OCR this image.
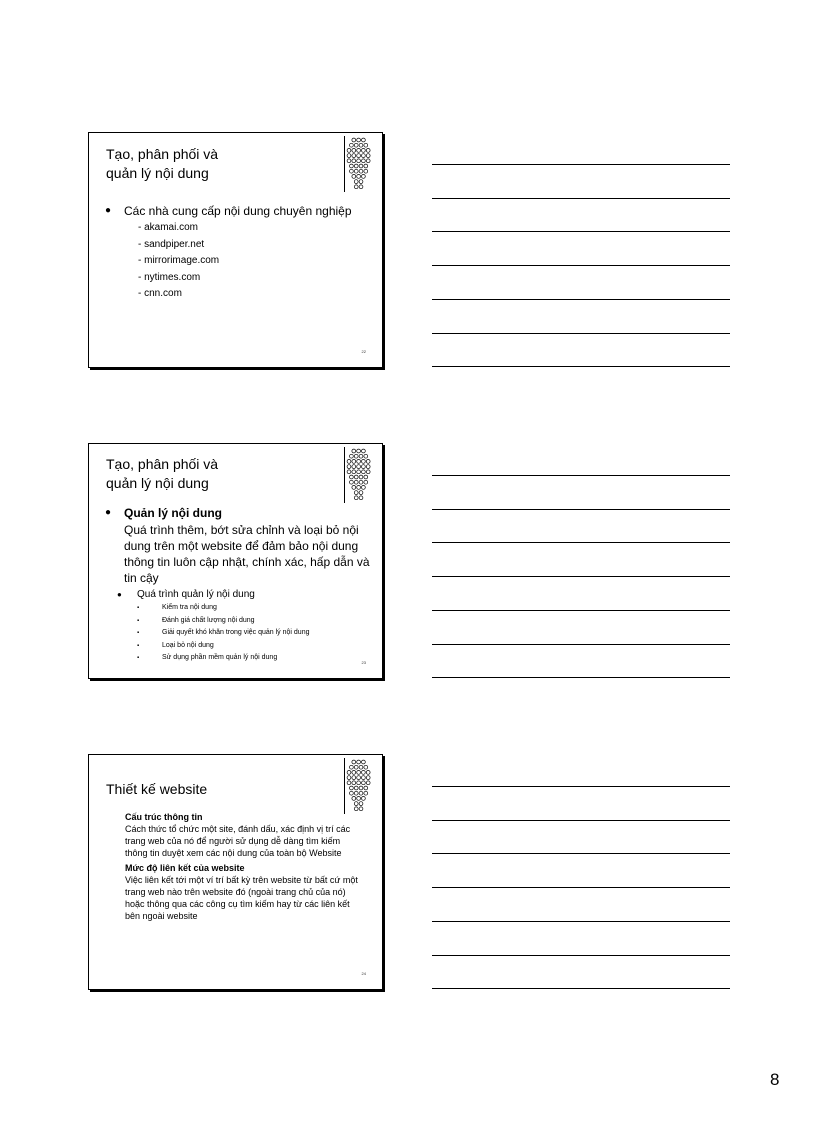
Tạo, phân phối và
quản lý nội dung
●	Các nhà cung cấp nội dung chuyên nghiệp
- akamai.com
- sandpiper.net
- mirrorimage.com
- nytimes.com
- cnn.com
22
Tạo, phân phối và
quản lý nội dung
●	Quản lý nội dung
Quá trình thêm, bớt sửa chỉnh và loại bỏ nội dung trên một website để đảm bảo nội dung thông tin luôn cập nhật, chính xác, hấp dẫn và tin cậy
●	Quá trình quản lý nội dung
▪	Kiểm tra nội dung
▪	Đánh giá chất lượng nội dung
▪	Giải quyết khó khăn trong việc quản lý nội dung
▪	Loại bỏ nội dung
▪	Sử dụng phần mềm quản lý nội dung
23
Thiết kế website
Cấu trúc thông tin
Cách thức tổ chức một site, đánh dấu, xác định vị trí các trang web của nó để người sử dụng dễ dàng tìm kiếm thông tin duyệt xem các nội dung của toàn bộ Website
Mức độ liên kết của website
Việc liên kết tới một ví trí bất kỳ trên website từ bất cứ một trang web nào trên website đó (ngoài trang chủ của nó) hoặc thông qua các công cụ tìm kiếm hay từ các liên kết bên ngoài website
24
8
